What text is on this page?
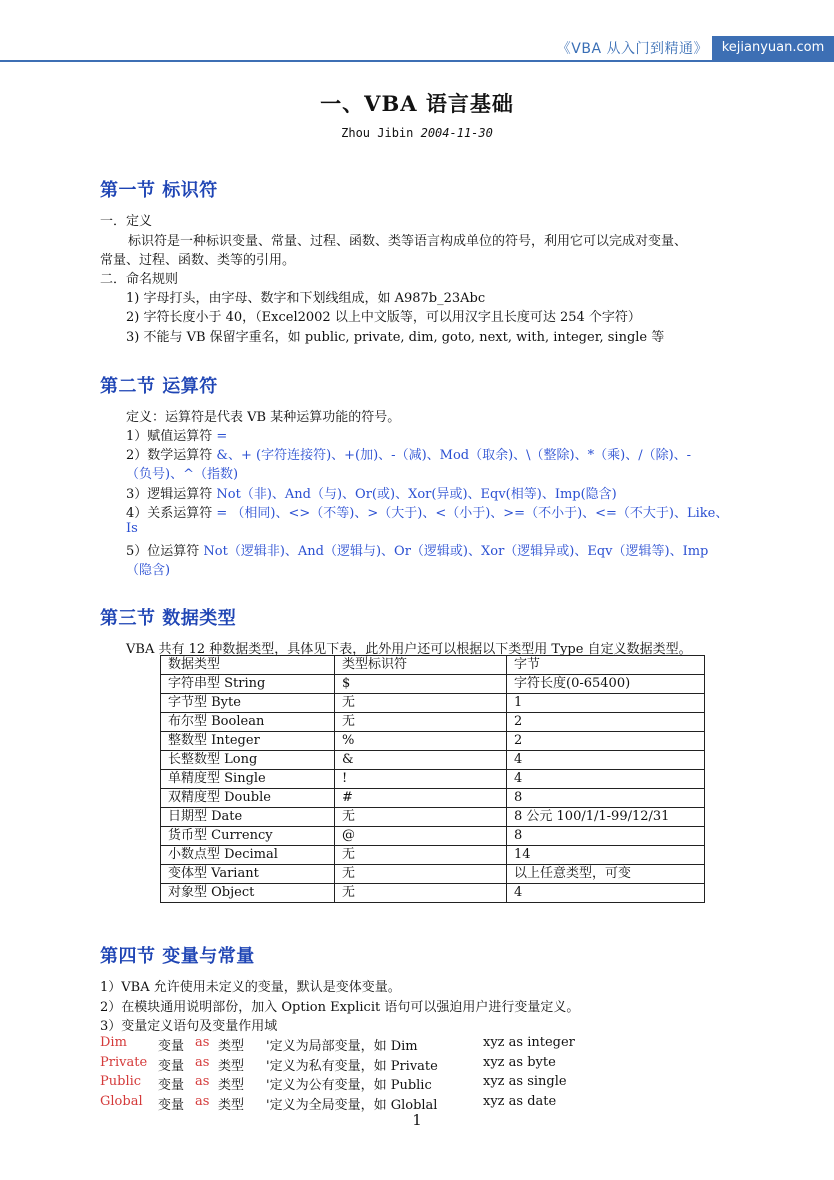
《VBA 从入门到精通》	kejianyuan.com
一、VBA 语言基础
Zhou Jibin 2004-11-30
第一节 标识符
一．定义
标识符是一种标识变量、常量、过程、函数、类等语言构成单位的符号，利用它可以完成对变量、
常量、过程、函数、类等的引用。
二．命名规则
1) 字母打头，由字母、数字和下划线组成，如 A987b_23Abc
2) 字符长度小于 40，（Excel2002 以上中文版等，可以用汉字且长度可达 254 个字符）
3) 不能与 VB 保留字重名，如 public, private, dim, goto, next, with, integer, single 等
第二节 运算符
定义：运算符是代表 VB 某种运算功能的符号。
1）赋值运算符 =
2）数学运算符 &、+ (字符连接符)、+(加)、-（减)、Mod（取余)、\（整除)、*（乘)、/（除)、-
（负号)、^（指数)
3）逻辑运算符 Not（非)、And（与)、Or(或)、Xor(异或)、Eqv(相等)、Imp(隐含)
4）关系运算符 = （相同)、<>（不等)、>（大于)、<（小于)、>=（不小于)、<=（不大于)、Like、
Is
5）位运算符 Not（逻辑非)、And（逻辑与)、Or（逻辑或)、Xor（逻辑异或)、Eqv（逻辑等)、Imp
（隐含)
第三节 数据类型
VBA 共有 12 种数据类型，具体见下表，此外用户还可以根据以下类型用 Type 自定义数据类型。
数据类型	类型标识符	字节
字符串型 String	$	字符长度(0-65400)
字节型 Byte	无	1
布尔型 Boolean	无	2
整数型 Integer	%	2
长整数型 Long	&	4
单精度型 Single	!	4
双精度型 Double	#	8
日期型 Date	无	8 公元 100/1/1-99/12/31
货币型 Currency	@	8
小数点型 Decimal	无	14
变体型 Variant	无	以上任意类型，可变
对象型 Object	无	4
第四节 变量与常量
1）VBA 允许使用未定义的变量，默认是变体变量。
2）在模块通用说明部份，加入 Option Explicit 语句可以强迫用户进行变量定义。
3）变量定义语句及变量作用域
Dim 变量 as 类型 '定义为局部变量，如 Dim	xyz as integer
Private 变量 as 类型 '定义为私有变量，如 Private	xyz as byte
Public 变量 as 类型 '定义为公有变量，如 Public	xyz as single
Global 变量 as 类型 '定义为全局变量，如 Globlal	xyz as date
1
